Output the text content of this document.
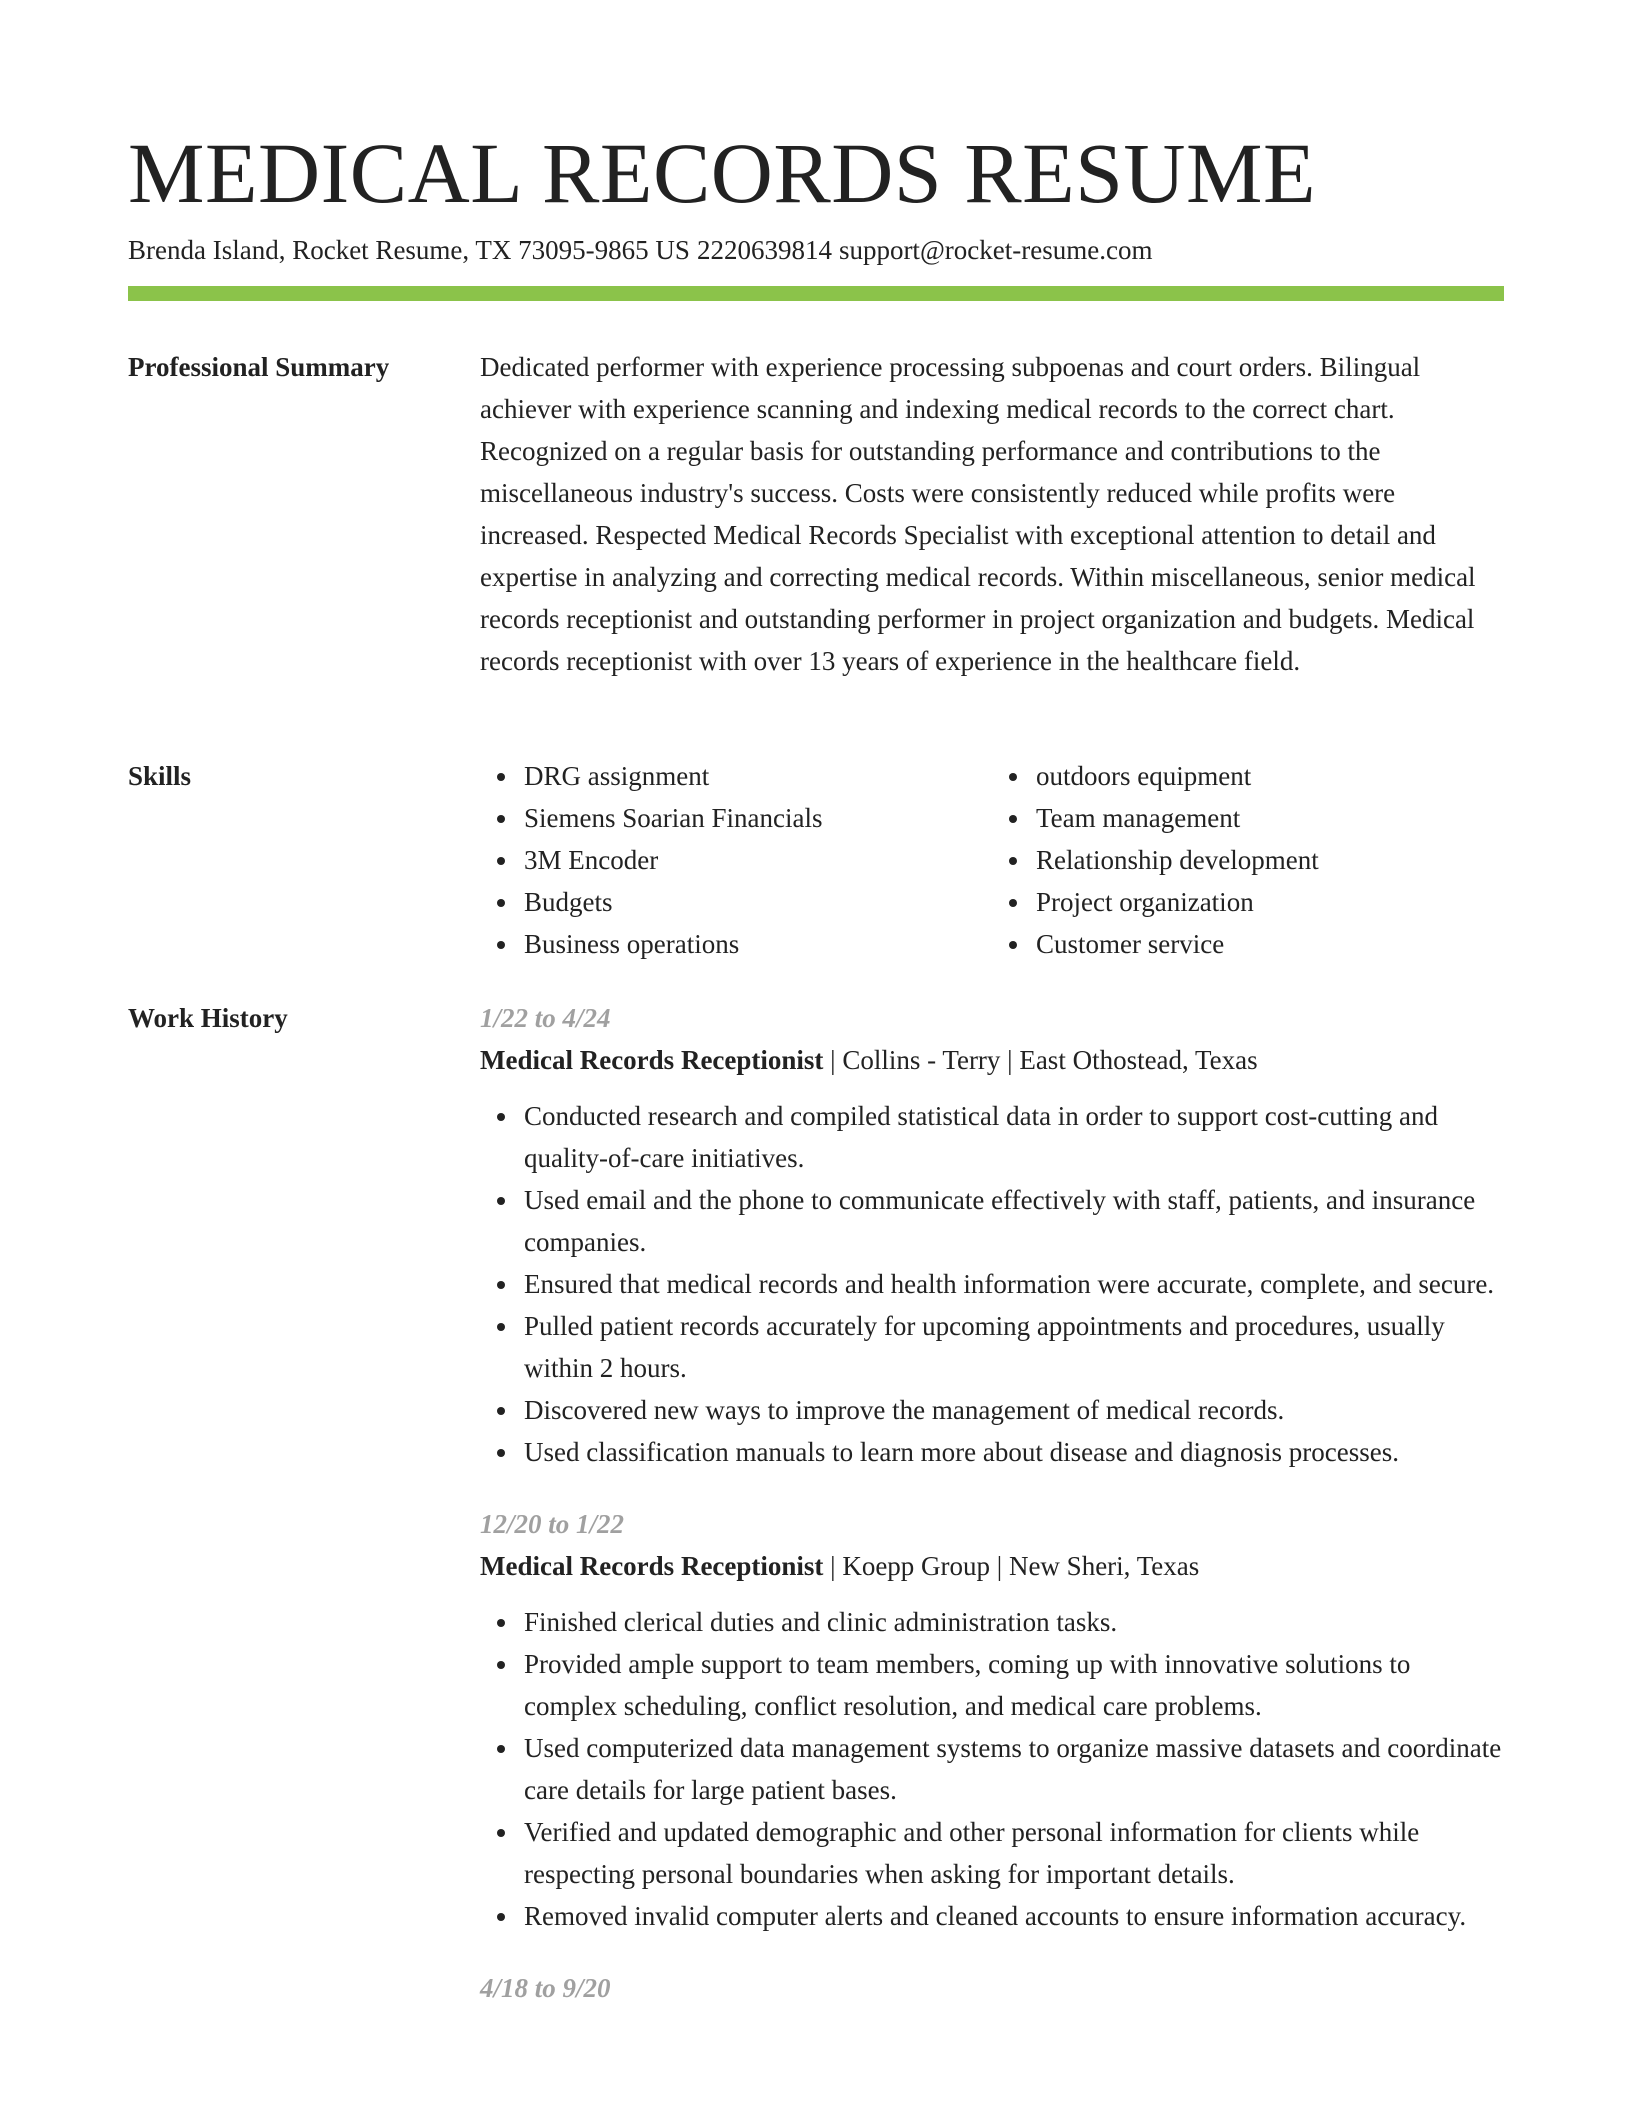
MEDICAL RECORDS RESUME
Brenda Island, Rocket Resume, TX 73095-9865 US 2220639814 support@rocket-resume.com
Professional Summary	Dedicated performer with experience processing subpoenas and court orders. Bilingual achiever with experience scanning and indexing medical records to the correct chart. Recognized on a regular basis for outstanding performance and contributions to the miscellaneous industry's success. Costs were consistently reduced while profits were increased. Respected Medical Records Specialist with exceptional attention to detail and expertise in analyzing and correcting medical records. Within miscellaneous, senior medical records receptionist and outstanding performer in project organization and budgets. Medical records receptionist with over 13 years of experience in the healthcare field.

Skills	DRG assignment
Siemens Soarian Financials
3M Encoder
Budgets
Business operations
outdoors equipment
Team management
Relationship development
Project organization
Customer service
Work History	1/22 to 4/24
Medical Records Receptionist | Collins - Terry | East Othostead, Texas
Conducted research and compiled statistical data in order to support cost-cutting and quality-of-care initiatives.
Used email and the phone to communicate effectively with staff, patients, and insurance companies.
Ensured that medical records and health information were accurate, complete, and secure.
Pulled patient records accurately for upcoming appointments and procedures, usually within 2 hours.
Discovered new ways to improve the management of medical records.
Used classification manuals to learn more about disease and diagnosis processes.
12/20 to 1/22
Medical Records Receptionist | Koepp Group | New Sheri, Texas
Finished clerical duties and clinic administration tasks.
Provided ample support to team members, coming up with innovative solutions to complex scheduling, conflict resolution, and medical care problems.
Used computerized data management systems to organize massive datasets and coordinate care details for large patient bases.
Verified and updated demographic and other personal information for clients while respecting personal boundaries when asking for important details.
Removed invalid computer alerts and cleaned accounts to ensure information accuracy.
4/18 to 9/20
